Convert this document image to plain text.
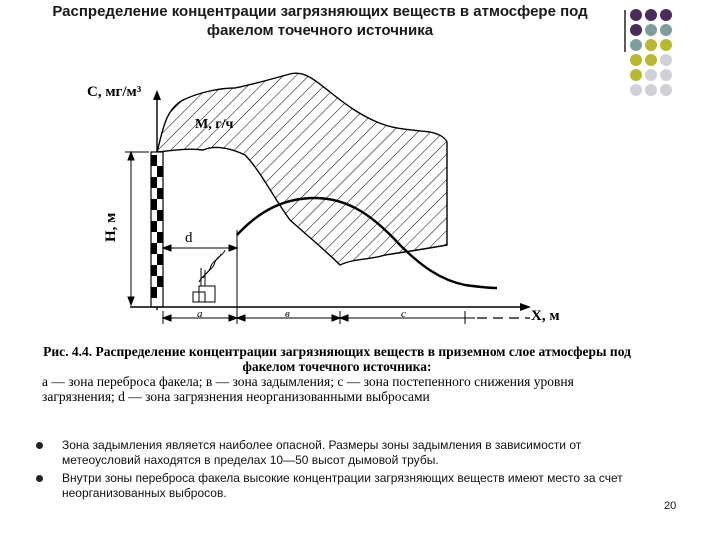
Распределение концентрации загрязняющих веществ в атмосфере под факелом точечного источника
С, мг/м³
М, г/ч
Н, м	d
а	в	с	Х, м
Рис. 4.4. Распределение концентрации загрязняющих веществ в приземном слое атмосферы под факелом точечного источника:
а — зона переброса факела; в — зона задымления; с — зона постепенного снижения уровня загрязнения; d — зона загрязнения неорганизованными выбросами
Зона задымления является наиболее опасной. Размеры зоны задымления в зависимости от метеоусловий находятся в пределах 10—50 высот дымовой трубы.
Внутри зоны переброса факела высокие концентрации загрязняющих веществ имеют место за счет неорганизованных выбросов.
20
